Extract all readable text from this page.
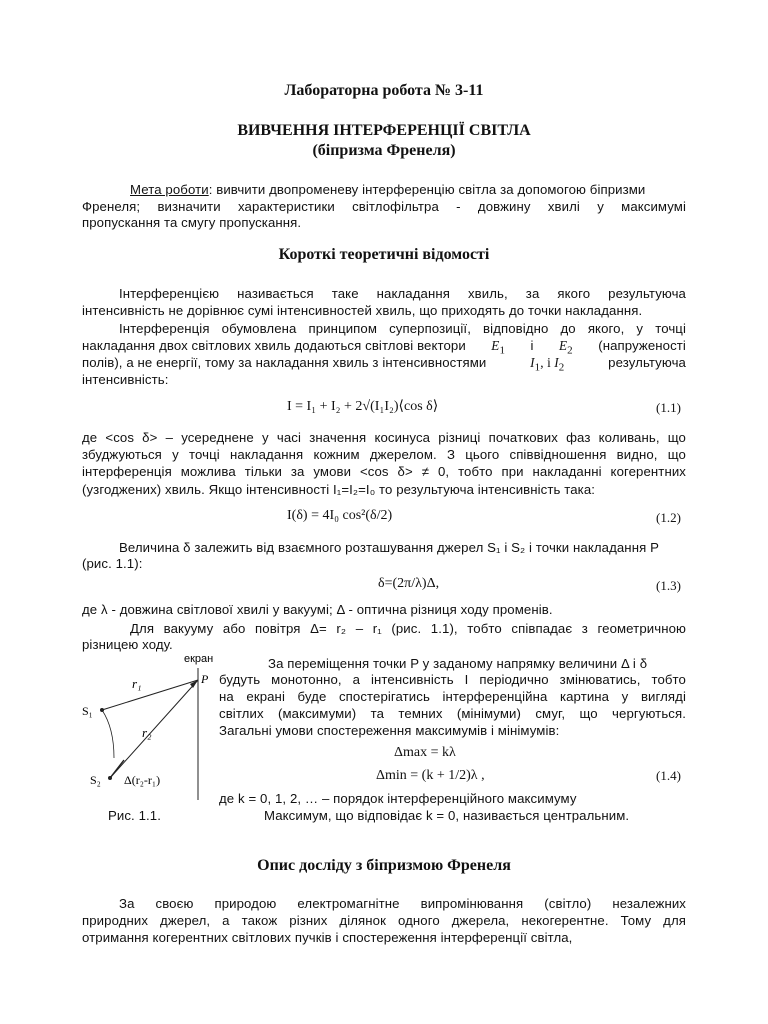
Лабораторна робота № 3-11
ВИВЧЕННЯ ІНТЕРФЕРЕНЦІЇ СВІТЛА
(біпризма Френеля)
Мета роботи: вивчити двопроменеву інтерференцію світла за допомогою біпризми
Френеля; визначити характеристики світлофільтра - довжину хвилі у максимумі
пропускання та смугу пропускання.
Короткі теоретичні відомості
Інтерференцією називається таке накладання хвиль, за якого результуюча
інтенсивність не дорівнює сумі інтенсивностей хвиль, що приходять до точки накладання.
Інтерференція обумовлена принципом суперпозиції, відповідно до якого, у точці
накладання двох світлових хвиль додаються світлові вектори $E_1$ і $E_2$ (напруженості
полів), а не енергії, тому за накладання хвиль з інтенсивностями	$I_1$, і $I_2$	результуюча
інтенсивність:
I = I₁ + I₂ + 2√(I₁I₂)⟨cos δ⟩	(1.1)
де <cos δ> – усереднене у часі значення косинуса різниці початкових фаз коливань, що
збуджуються у точці накладання кожним джерелом. З цього співвідношення видно, що
інтерференція можлива тільки за умови <cos δ> ≠ 0, тобто при накладанні когерентних
(узгоджених) хвиль. Якщо інтенсивності I₁=I₂=I₀ то результуюча інтенсивність така:
I(δ) = 4I₀ cos²(δ/2)	(1.2)
Величина δ залежить від взаємного розташування джерел S₁ і S₂ і точки накладання P
(рис. 1.1):
δ=(2π/λ)Δ,	(1.3)
де λ - довжина світлової хвилі у вакуумі; Δ - оптична різниця ходу променів.
Для вакууму або повітря Δ= r₂ – r₁ (рис. 1.1), тобто співпадає з геометричною
різницею ходу.
екран
P
r₁
r₂
S₁
S₂ Δ(r₂-r₁)
Рис. 1.1.
За переміщення точки P у заданому напрямку величини Δ і δ
будуть монотонно, а інтенсивність I періодично змінюватись, тобто
на екрані буде спостерігатись інтерференційна картина у вигляді
світлих (максимуми) та темних (мінімуми) смуг, що чергуються.
Загальні умови спостереження максимумів і мінімумів:
Δmax = kλ
Δmin = (k + 1/2)λ ,	(1.4)
де k = 0, 1, 2, … – порядок інтерференційного максимуму
Максимум, що відповідає k = 0, називається центральним.
Опис досліду з біпризмою Френеля
За своєю природою електромагнітне випромінювання (світло) незалежних
природних джерел, а також різних ділянок одного джерела, некогерентне. Тому для
отримання когерентних світлових пучків і спостереження інтерференції світла,
